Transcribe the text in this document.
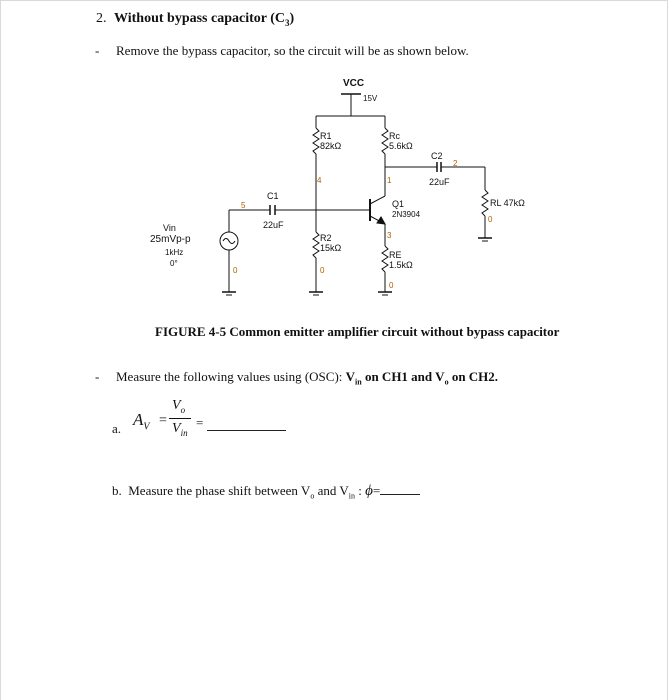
2. Without bypass capacitor $(C_3)$
- Remove the bypass capacitor, so the circuit will be as shown below.
VCC
15V
R1
82kΩ
Rc
5.6kΩ
C2
22uF
C1
22uF
Q1
2N3904
RL 47kΩ
R2
15kΩ
RE
1.5kΩ
Vin
25mVp-p
1kHz
0°
4	1
2
5
3
0
0	0
0
FIGURE 4-5 Common emitter amplifier circuit without bypass capacitor
- Measure the following values using (OSC): $V_{in}$ on CH1 and $V_o$ on CH2.
a. $A_V$ =
$V_o$
$V_{in}$
=
b. Measure the phase shift between $V_o$ and $V_{in}$ : ϕ=
